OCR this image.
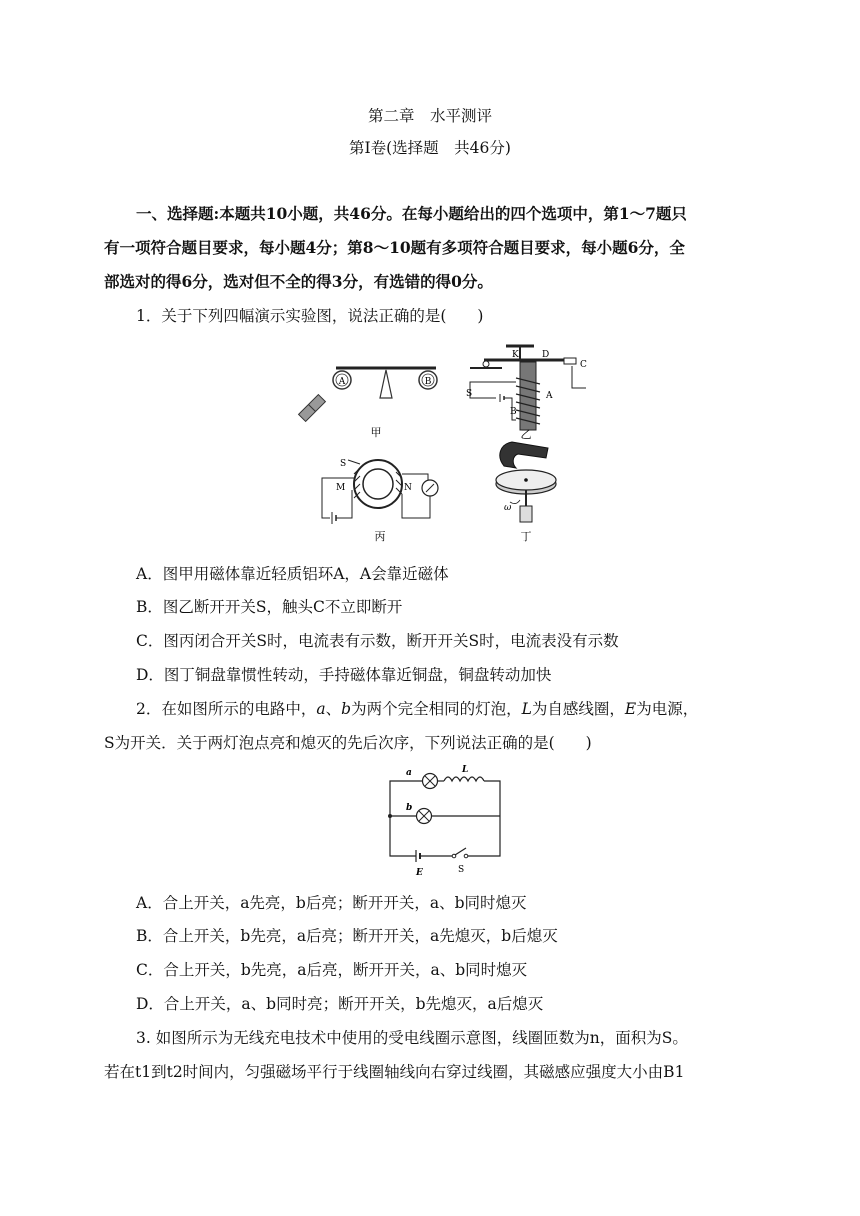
第二章　水平测评
第Ⅰ卷(选择题　共46分)
一、选择题:本题共10小题，共46分。在每小题给出的四个选项中，第1～7题只
有一项符合题目要求，每小题4分；第8～10题有多项符合题目要求，每小题6分，全
部选对的得6分，选对但不全的得3分，有选错的得0分。
1．关于下列四幅演示实验图，说法正确的是(　　)
A	B
甲
K	D
C
S	A
B
乙
S
M	N
丙
ω
丁
A．图甲用磁体靠近轻质铝环A，A会靠近磁体
B．图乙断开开关S，触头C不立即断开
C．图丙闭合开关S时，电流表有示数，断开开关S时，电流表没有示数
D．图丁铜盘靠惯性转动，手持磁体靠近铜盘，铜盘转动加快
2．在如图所示的电路中，a、b为两个完全相同的灯泡，L为自感线圈，E为电源，
S为开关．关于两灯泡点亮和熄灭的先后次序，下列说法正确的是(　　)
a
b
L
E	S
A．合上开关，a先亮，b后亮；断开开关，a、b同时熄灭
B．合上开关，b先亮，a后亮；断开开关，a先熄灭，b后熄灭
C．合上开关，b先亮，a后亮，断开开关，a、b同时熄灭
D．合上开关，a、b同时亮；断开开关，b先熄灭，a后熄灭
3. 如图所示为无线充电技术中使用的受电线圈示意图，线圈匝数为n，面积为S。
若在t1到t2时间内，匀强磁场平行于线圈轴线向右穿过线圈，其磁感应强度大小由B1
